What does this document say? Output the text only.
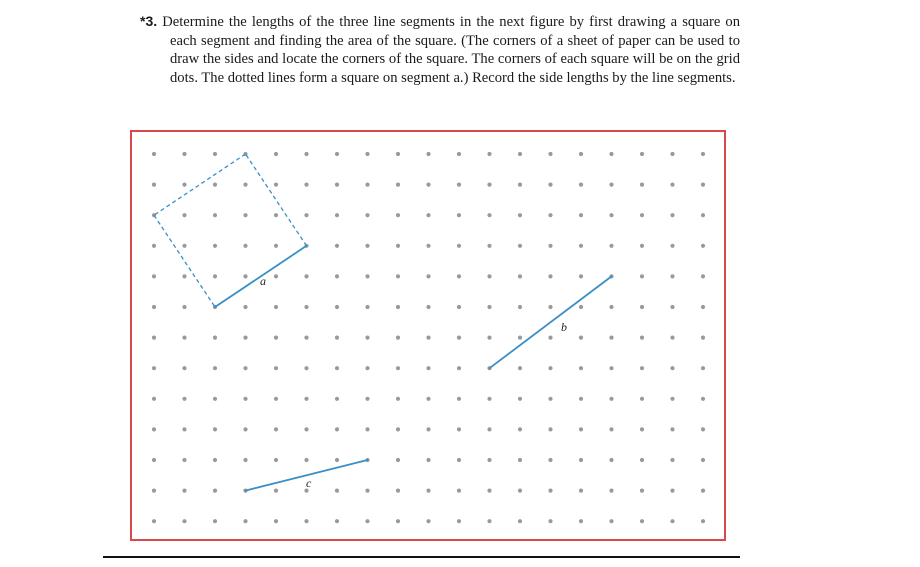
*3. Determine the lengths of the three line segments in the next figure by first drawing a square on each segment and finding the area of the square. (The corners of a sheet of paper can be used to draw the sides and locate the corners of the square. The corners of each square will be on the grid dots. The dotted lines form a square on segment a.) Record the side lengths by the line segments.

a
b
c
